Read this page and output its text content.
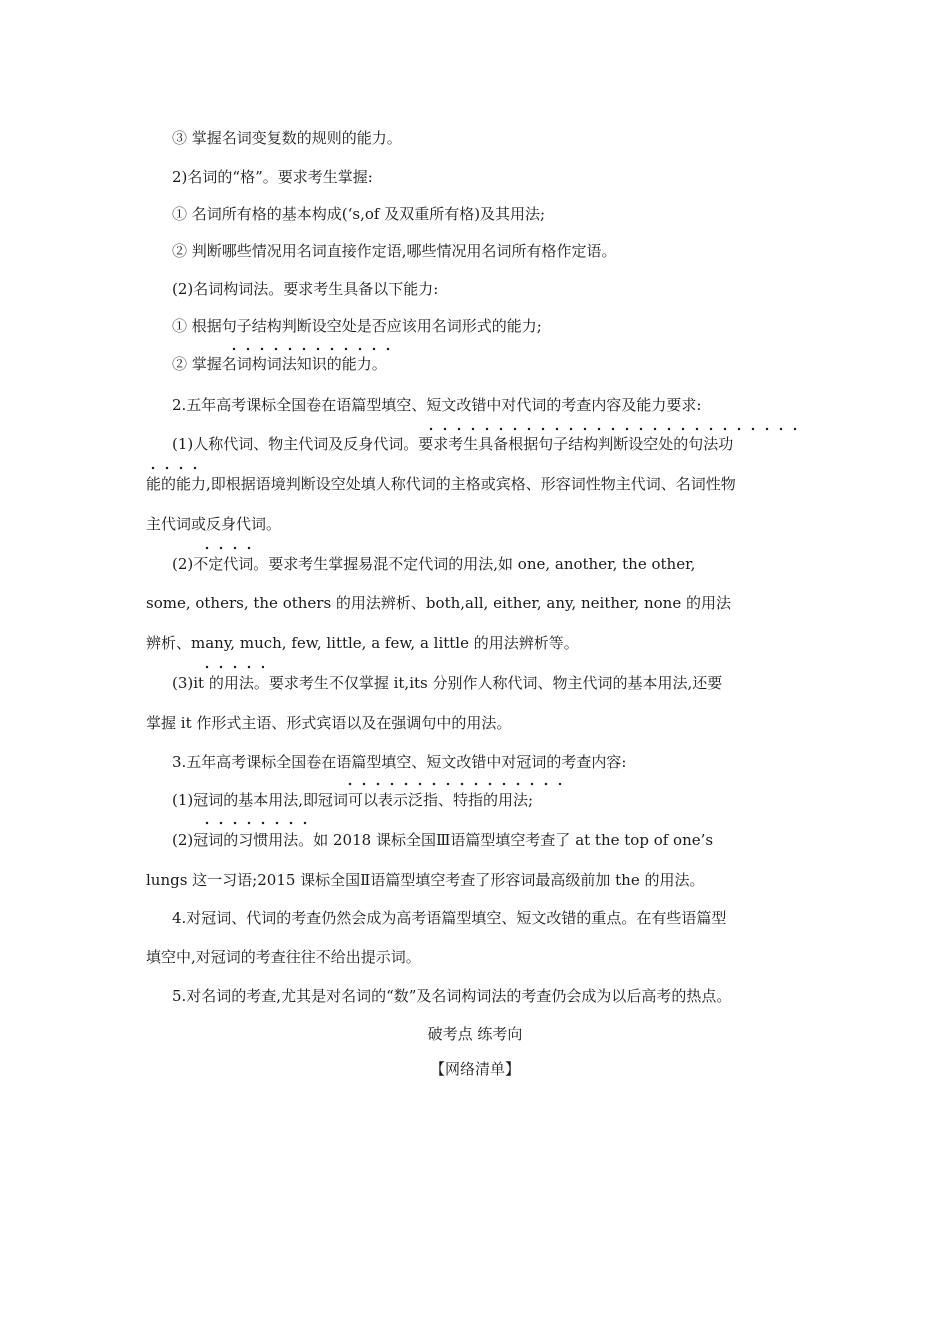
③ 掌握名词变复数的规则的能力。
2)名词的“格”。要求考生掌握:
① 名词所有格的基本构成(‘s,of 及双重所有格)及其用法;
② 判断哪些情况用名词直接作定语,哪些情况用名词所有格作定语。
(2)名词构词法。要求考生具备以下能力:
① 根据句子结构判断设空处是否应该用名词形式的能力;
② 掌握名词构词法知识的能力。
2.五年高考课标全国卷在语篇型填空、短文改错中对代词的考查内容及能力要求:
(1)人称代词、物主代词及反身代词。要求考生具备根据句子结构判断设空处的句法功
能的能力,即根据语境判断设空处填人称代词的主格或宾格、形容词性物主代词、名词性物
主代词或反身代词。
(2)不定代词。要求考生掌握易混不定代词的用法,如 one, another, the other,
some, others, the others 的用法辨析、both,all, either, any, neither, none 的用法
辨析、many, much, few, little, a few, a little 的用法辨析等。
(3)it 的用法。要求考生不仅掌握 it,its 分别作人称代词、物主代词的基本用法,还要
掌握 it 作形式主语、形式宾语以及在强调句中的用法。
3.五年高考课标全国卷在语篇型填空、短文改错中对冠词的考查内容:
(1)冠词的基本用法,即冠词可以表示泛指、特指的用法;
(2)冠词的习惯用法。如 2018 课标全国Ⅲ语篇型填空考查了 at the top of one’s
lungs 这一习语;2015 课标全国Ⅱ语篇型填空考查了形容词最高级前加 the 的用法。
4.对冠词、代词的考查仍然会成为高考语篇型填空、短文改错的重点。在有些语篇型
填空中,对冠词的考查往往不给出提示词。
5.对名词的考查,尤其是对名词的“数”及名词构词法的考查仍会成为以后高考的热点。
破考点 练考向
【网络清单】
